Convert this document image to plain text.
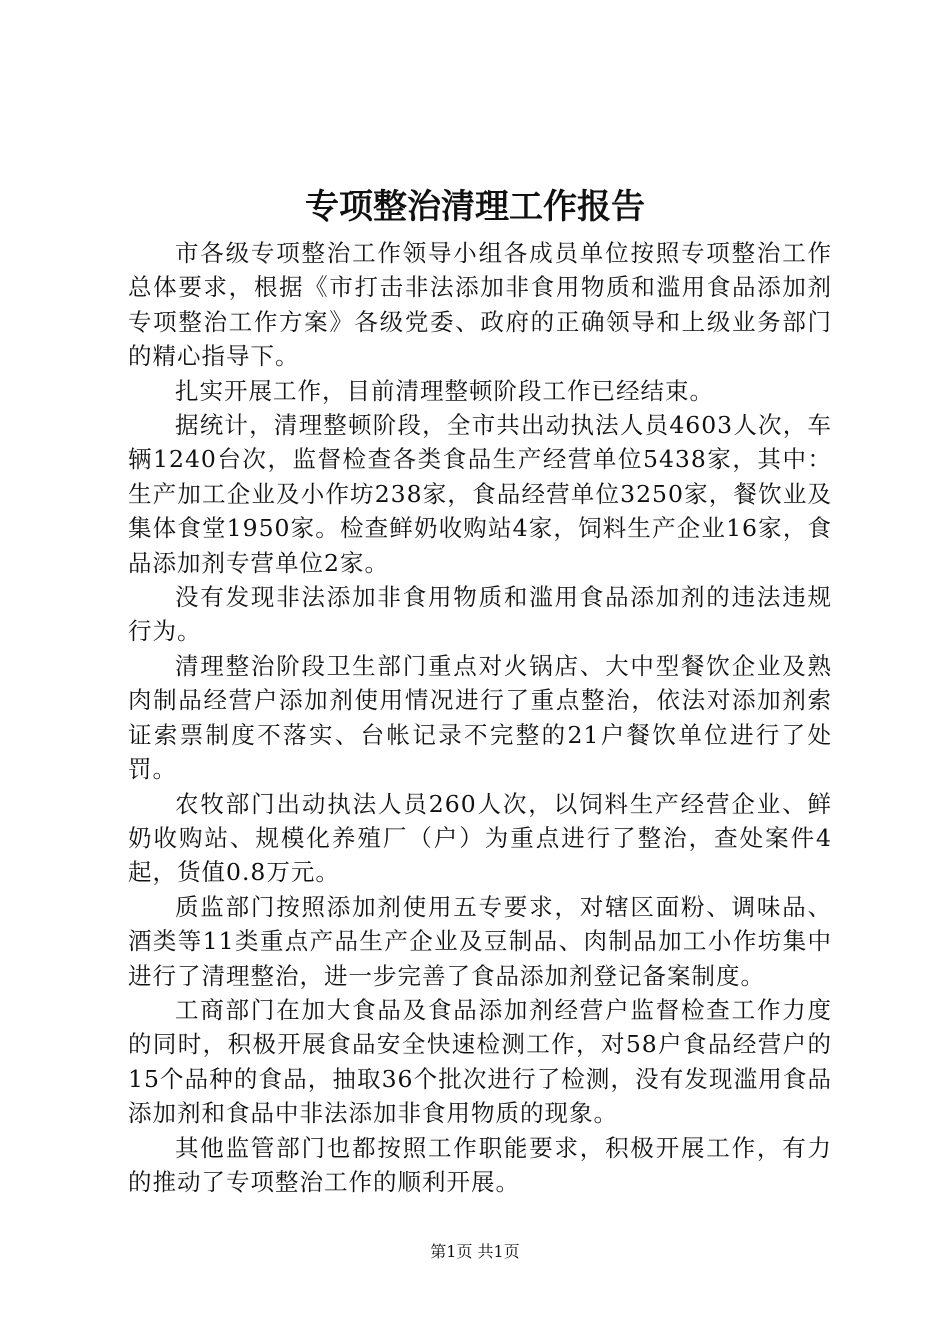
专项整治清理工作报告

市各级专项整治工作领导小组各成员单位按照专项整治工作总体要求，根据《市打击非法添加非食用物质和滥用食品添加剂专项整治工作方案》各级党委、政府的正确领导和上级业务部门的精心指导下。

扎实开展工作，目前清理整顿阶段工作已经结束。

据统计，清理整顿阶段，全市共出动执法人员4603人次，车辆1240台次，监督检查各类食品生产经营单位5438家，其中：生产加工企业及小作坊238家，食品经营单位3250家，餐饮业及集体食堂1950家。检查鲜奶收购站4家，饲料生产企业16家，食品添加剂专营单位2家。

没有发现非法添加非食用物质和滥用食品添加剂的违法违规行为。

清理整治阶段卫生部门重点对火锅店、大中型餐饮企业及熟肉制品经营户添加剂使用情况进行了重点整治，依法对添加剂索证索票制度不落实、台帐记录不完整的21户餐饮单位进行了处罚。

农牧部门出动执法人员260人次，以饲料生产经营企业、鲜奶收购站、规模化养殖厂（户）为重点进行了整治，查处案件4起，货值0.8万元。

质监部门按照添加剂使用五专要求，对辖区面粉、调味品、酒类等11类重点产品生产企业及豆制品、肉制品加工小作坊集中进行了清理整治，进一步完善了食品添加剂登记备案制度。

工商部门在加大食品及食品添加剂经营户监督检查工作力度的同时，积极开展食品安全快速检测工作，对58户食品经营户的15个品种的食品，抽取36个批次进行了检测，没有发现滥用食品添加剂和食品中非法添加非食用物质的现象。

其他监管部门也都按照工作职能要求，积极开展工作，有力的推动了专项整治工作的顺利开展。

第1页 共1页
